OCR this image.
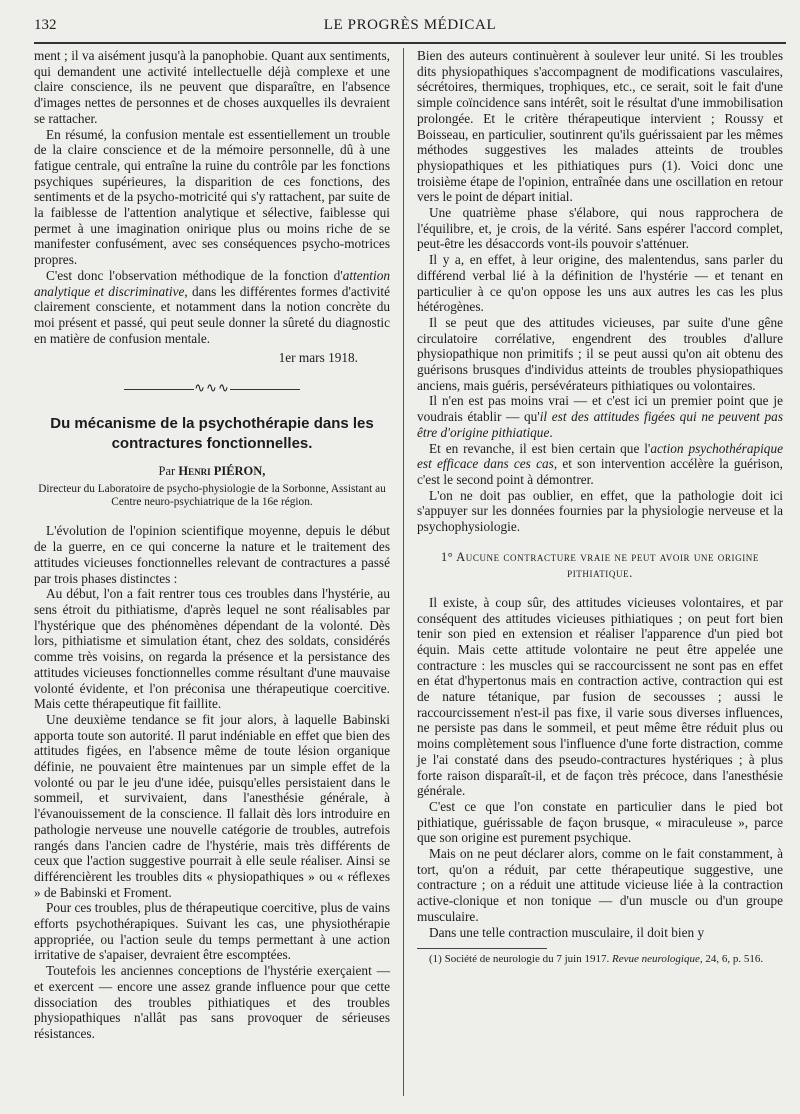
132	LE PROGRÈS MÉDICAL

ment ; il va aisément jusqu'à la panophobie. Quant aux sentiments, qui demandent une activité intellectuelle déjà complexe et une claire conscience, ils ne peuvent que disparaître, en l'absence d'images nettes de personnes et de choses auxquelles ils devraient se rattacher.

En résumé, la confusion mentale est essentiellement un trouble de la claire conscience et de la mémoire personnelle, dû à une fatigue centrale, qui entraîne la ruine du contrôle par les fonctions psychiques supérieures, la disparition de ces fonctions, des sentiments et de la psycho-motricité qui s'y rattachent, par suite de la faiblesse de l'attention analytique et sélective, faiblesse qui permet à une imagination onirique plus ou moins riche de se manifester confusément, avec ses conséquences psycho-motrices propres.

C'est donc l'observation méthodique de la fonction d'attention analytique et discriminative, dans les différentes formes d'activité clairement consciente, et notamment dans la notion concrète du moi présent et passé, qui peut seule donner la sûreté du diagnostic en matière de confusion mentale.

1er mars 1918.

∿∿∿
Du mécanisme de la psychothérapie dans les contractures fonctionnelles.
Par Henri PIÉRON,
Directeur du Laboratoire de psycho-physiologie de la Sorbonne, Assistant au Centre neuro-psychiatrique de la 16e région.

L'évolution de l'opinion scientifique moyenne, depuis le début de la guerre, en ce qui concerne la nature et le traitement des attitudes vicieuses fonctionnelles relevant de contractures a passé par trois phases distinctes :

Au début, l'on a fait rentrer tous ces troubles dans l'hystérie, au sens étroit du pithiatisme, d'après lequel ne sont réalisables par l'hystérique que des phénomènes dépendant de la volonté. Dès lors, pithiatisme et simulation étant, chez des soldats, considérés comme très voisins, on regarda la présence et la persistance des attitudes vicieuses fonctionnelles comme résultant d'une mauvaise volonté évidente, et l'on préconisa une thérapeutique coercitive. Mais cette thérapeutique fit faillite.

Une deuxième tendance se fit jour alors, à laquelle Babinski apporta toute son autorité. Il parut indéniable en effet que bien des attitudes figées, en l'absence même de toute lésion organique définie, ne pouvaient être maintenues par un simple effet de la volonté ou par le jeu d'une idée, puisqu'elles persistaient dans le sommeil, et survivaient, dans l'anesthésie générale, à l'évanouissement de la conscience. Il fallait dès lors introduire en pathologie nerveuse une nouvelle catégorie de troubles, autrefois rangés dans l'ancien cadre de l'hystérie, mais très différents de ceux que l'action suggestive pourrait à elle seule réaliser. Ainsi se différencièrent les troubles dits « physiopathiques » ou « réflexes » de Babinski et Froment.

Pour ces troubles, plus de thérapeutique coercitive, plus de vains efforts psychothérapiques. Suivant les cas, une physiothérapie appropriée, ou l'action seule du temps permettant à une action irritative de s'apaiser, devraient être escomptées.

Toutefois les anciennes conceptions de l'hystérie exerçaient — et exercent — encore une assez grande influence pour que cette dissociation des troubles pithiatiques et des troubles physiopathiques n'allât pas sans provoquer de sérieuses résistances.

Bien des auteurs continuèrent à soulever leur unité. Si les troubles dits physiopathiques s'accompagnent de modifications vasculaires, sécrétoires, thermiques, trophiques, etc., ce serait, soit le fait d'une simple coïncidence sans intérêt, soit le résultat d'une immobilisation prolongée. Et le critère thérapeutique intervient ; Roussy et Boisseau, en particulier, soutinrent qu'ils guérissaient par les mêmes méthodes suggestives les malades atteints de troubles physiopathiques et les pithiatiques purs (1). Voici donc une troisième étape de l'opinion, entraînée dans une oscillation en retour vers le point de départ initial.

Une quatrième phase s'élabore, qui nous rapprochera de l'équilibre, et, je crois, de la vérité. Sans espérer l'accord complet, peut-être les désaccords vont-ils pouvoir s'atténuer.

Il y a, en effet, à leur origine, des malentendus, sans parler du différend verbal lié à la définition de l'hystérie — et tenant en particulier à ce qu'on oppose les uns aux autres les cas les plus hétérogènes.

Il se peut que des attitudes vicieuses, par suite d'une gêne circulatoire corrélative, engendrent des troubles d'allure physiopathique non primitifs ; il se peut aussi qu'on ait obtenu des guérisons brusques d'individus atteints de troubles physiopathiques anciens, mais guéris, persévérateurs pithiatiques ou volontaires.

Il n'en est pas moins vrai — et c'est ici un premier point que je voudrais établir — qu'il est des attitudes figées qui ne peuvent pas être d'origine pithiatique.

Et en revanche, il est bien certain que l'action psychothérapique est efficace dans ces cas, et son intervention accélère la guérison, c'est le second point à démontrer.

L'on ne doit pas oublier, en effet, que la pathologie doit ici s'appuyer sur les données fournies par la physiologie nerveuse et la psychophysiologie.

1° Aucune contracture vraie ne peut avoir une origine pithiatique.

Il existe, à coup sûr, des attitudes vicieuses volontaires, et par conséquent des attitudes vicieuses pithiatiques ; on peut fort bien tenir son pied en extension et réaliser l'apparence d'un pied bot équin. Mais cette attitude volontaire ne peut être appelée une contracture : les muscles qui se raccourcissent ne sont pas en effet en état d'hypertonus mais en contraction active, contraction qui est de nature tétanique, par fusion de secousses ; aussi le raccourcissement n'est-il pas fixe, il varie sous diverses influences, ne persiste pas dans le sommeil, et peut même être réduit plus ou moins complètement sous l'influence d'une forte distraction, comme je l'ai constaté dans des pseudo-contractures hystériques ; à plus forte raison disparaît-il, et de façon très précoce, dans l'anesthésie générale.

C'est ce que l'on constate en particulier dans le pied bot pithiatique, guérissable de façon brusque, « miraculeuse », parce que son origine est purement psychique.

Mais on ne peut déclarer alors, comme on le fait constamment, à tort, qu'on a réduit, par cette thérapeutique suggestive, une contracture ; on a réduit une attitude vicieuse liée à la contraction active-clonique et non tonique — d'un muscle ou d'un groupe musculaire.

Dans une telle contraction musculaire, il doit bien y

(1) Société de neurologie du 7 juin 1917. Revue neurologique, 24, 6, p. 516.
